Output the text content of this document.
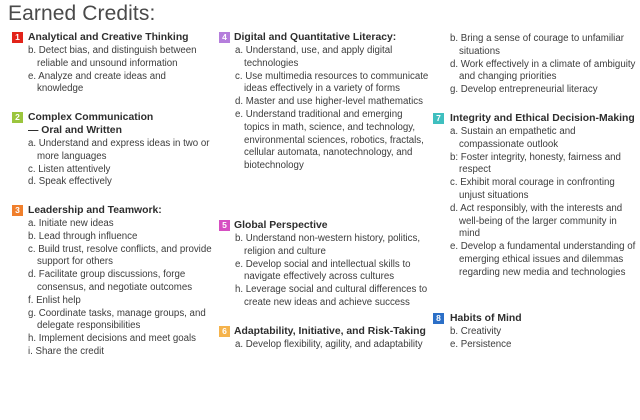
Earned Credits:
1 Analytical and Creative Thinking
b. Detect bias, and distinguish between reliable and unsound information
e. Analyze and create ideas and knowledge
2 Complex Communication— Oral and Written
a. Understand and express ideas in two or more languages
c. Listen attentively
d. Speak effectively
3 Leadership and Teamwork:
a. Initiate new ideas
b. Lead through influence
c. Build trust, resolve conflicts, and provide support for others
d. Facilitate group discussions, forge consensus, and negotiate outcomes
f. Enlist help
g. Coordinate tasks, manage groups, and delegate responsibilities
h. Implement decisions and meet goals
i. Share the credit
4 Digital and Quantitative Literacy:
a. Understand, use, and apply digital technologies
c. Use multimedia resources to communicate ideas effectively in a variety of forms
d. Master and use higher-level mathematics
e. Understand traditional and emerging topics in math, science, and technology, environmental sciences, robotics, fractals, cellular automata, nanotechnology, and biotechnology
5 Global Perspective
b. Understand non-western history, politics, religion and culture
e. Develop social and intellectual skills to navigate effectively across cultures
h. Leverage social and cultural differences to create new ideas and achieve success
6 Adaptability, Initiative, and Risk-Taking
a. Develop flexibility, agility, and adaptability
b. Bring a sense of courage to unfamiliar situations
d. Work effectively in a climate of ambiguity and changing priorities
g. Develop entrepreneurial literacy
7 Integrity and Ethical Decision-Making
a. Sustain an empathetic and compassionate outlook
b: Foster integrity, honesty, fairness and respect
c. Exhibit moral courage in confronting unjust situations
d. Act responsibly, with the interests and well-being of the larger community in mind
e. Develop a fundamental understanding of emerging ethical issues and dilemmas regarding new media and technologies
8 Habits of Mind
b. Creativity
e. Persistence
